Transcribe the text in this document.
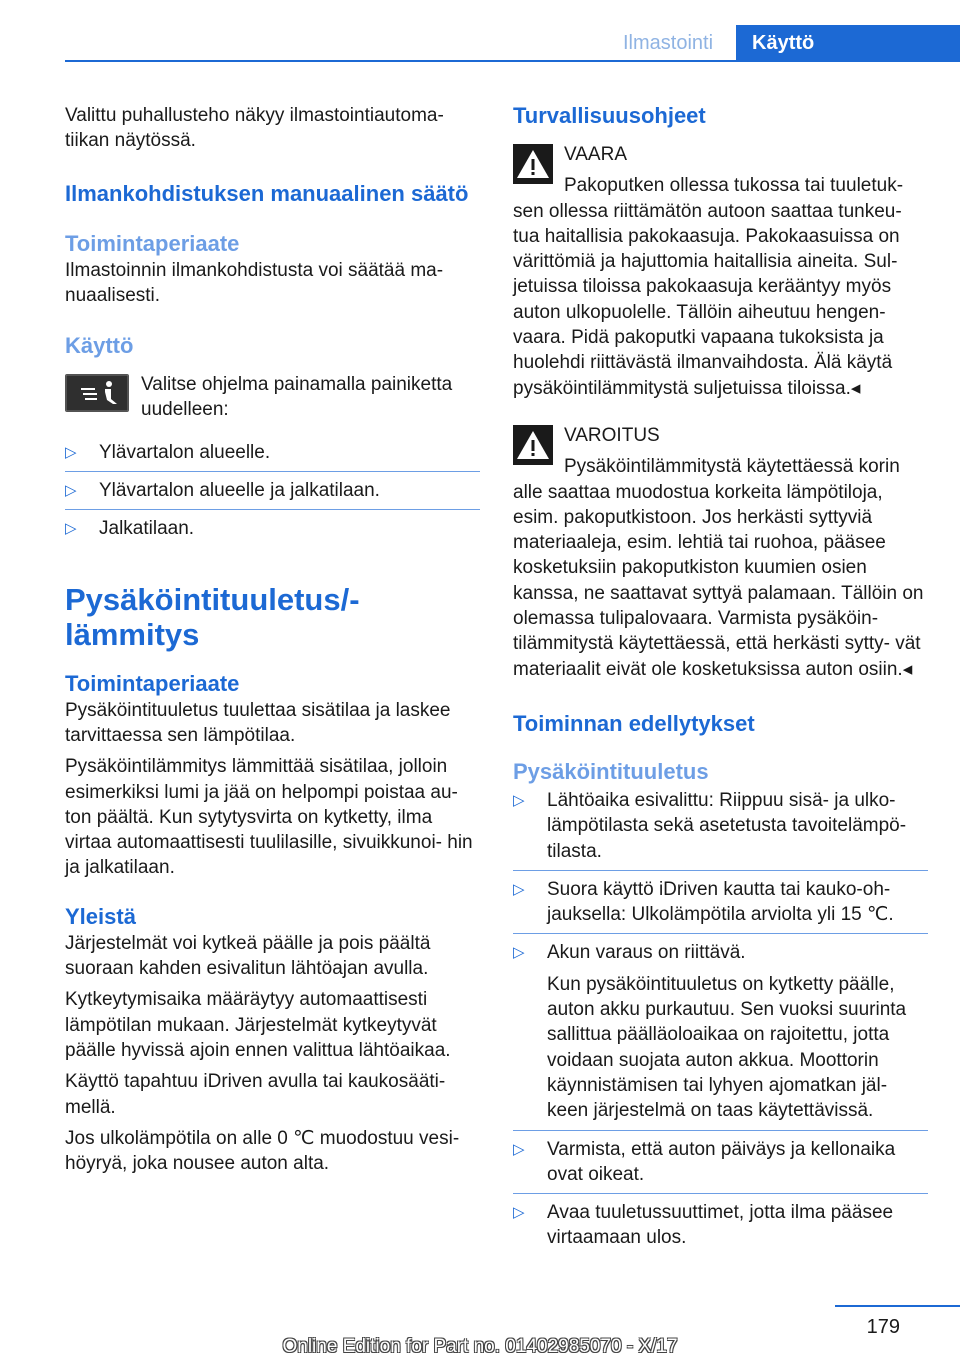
Ilmastointi	Käyttö

Valittu puhallusteho näkyy ilmastointiautoma- tiikan näytössä.

Ilmankohdistuksen manuaalinen säätö
Toimintaperiaate

Ilmastoinnin ilmankohdistusta voi säätää ma- nuaalisesti.

Käyttö

Valitse ohjelma painamalla painiketta uudelleen:

▷ Ylävartalon alueelle.
▷ Ylävartalon alueelle ja jalkatilaan.
▷ Jalkatilaan.
Pysäköintituuletus/-
lämmitys
Toimintaperiaate

Pysäköintituuletus tuulettaa sisätilaa ja laskee tarvittaessa sen lämpötilaa.

Pysäköintilämmitys lämmittää sisätilaa, jolloin esimerkiksi lumi ja jää on helpompi poistaa au- ton päältä. Kun sytytysvirta on kytketty, ilma virtaa automaattisesti tuulilasille, sivuikkunoi- hin ja jalkatilaan.

Yleistä

Järjestelmät voi kytkeä päälle ja pois päältä suoraan kahden esivalitun lähtöajan avulla.

Kytkeytymisaika määräytyy automaattisesti lämpötilan mukaan. Järjestelmät kytkeytyvät päälle hyvissä ajoin ennen valittua lähtöaikaa.

Käyttö tapahtuu iDriven avulla tai kaukosääti- mellä.

Jos ulkolämpötila on alle 0 ℃ muodostuu vesi- höyryä, joka nousee auton alta.

Turvallisuusohjeet

VAARA

Pakoputken ollessa tukossa tai tuuletuk- sen ollessa riittämätön autoon saattaa tunkeu- tua haitallisia pakokaasuja. Pakokaasuissa on värittömiä ja hajuttomia haitallisia aineita. Sul- jetuissa tiloissa pakokaasuja kerääntyy myös auton ulkopuolelle. Tällöin aiheutuu hengen- vaara. Pidä pakoputki vapaana tukoksista ja huolehdi riittävästä ilmanvaihdosta. Älä käytä pysäköintilämmitystä suljetuissa tiloissa.◂

VAROITUS

Pysäköintilämmitystä käytettäessä korin alle saattaa muodostua korkeita lämpötiloja, esim. pakoputkistoon. Jos herkästi syttyviä materiaaleja, esim. lehtiä tai ruohoa, pääsee kosketuksiin pakoputkiston kuumien osien kanssa, ne saattavat syttyä palamaan. Tällöin on olemassa tulipalovaara. Varmista pysäköin- tilämmitystä käytettäessä, että herkästi sytty- vät materiaalit eivät ole kosketuksissa auton osiin.◂

Toiminnan edellytykset
Pysäköintituuletus
▷ Lähtöaika esivalittu: Riippuu sisä- ja ulko- lämpötilasta sekä asetetusta tavoitelämpö- tilasta.
▷ Suora käyttö iDriven kautta tai kauko-oh- jauksella: Ulkolämpötila arviolta yli 15 ℃.
▷ Akun varaus on riittävä.
Kun pysäköintituuletus on kytketty päälle, auton akku purkautuu. Sen vuoksi suurinta sallittua päälläoloaikaa on rajoitettu, jotta voidaan suojata auton akkua. Moottorin käynnistämisen tai lyhyen ajomatkan jäl- keen järjestelmä on taas käytettävissä.
▷ Varmista, että auton päiväys ja kellonaika ovat oikeat.
▷ Avaa tuuletussuuttimet, jotta ilma pääsee virtaamaan ulos.
179
Online Edition for Part no. 01402985070 - X/17
